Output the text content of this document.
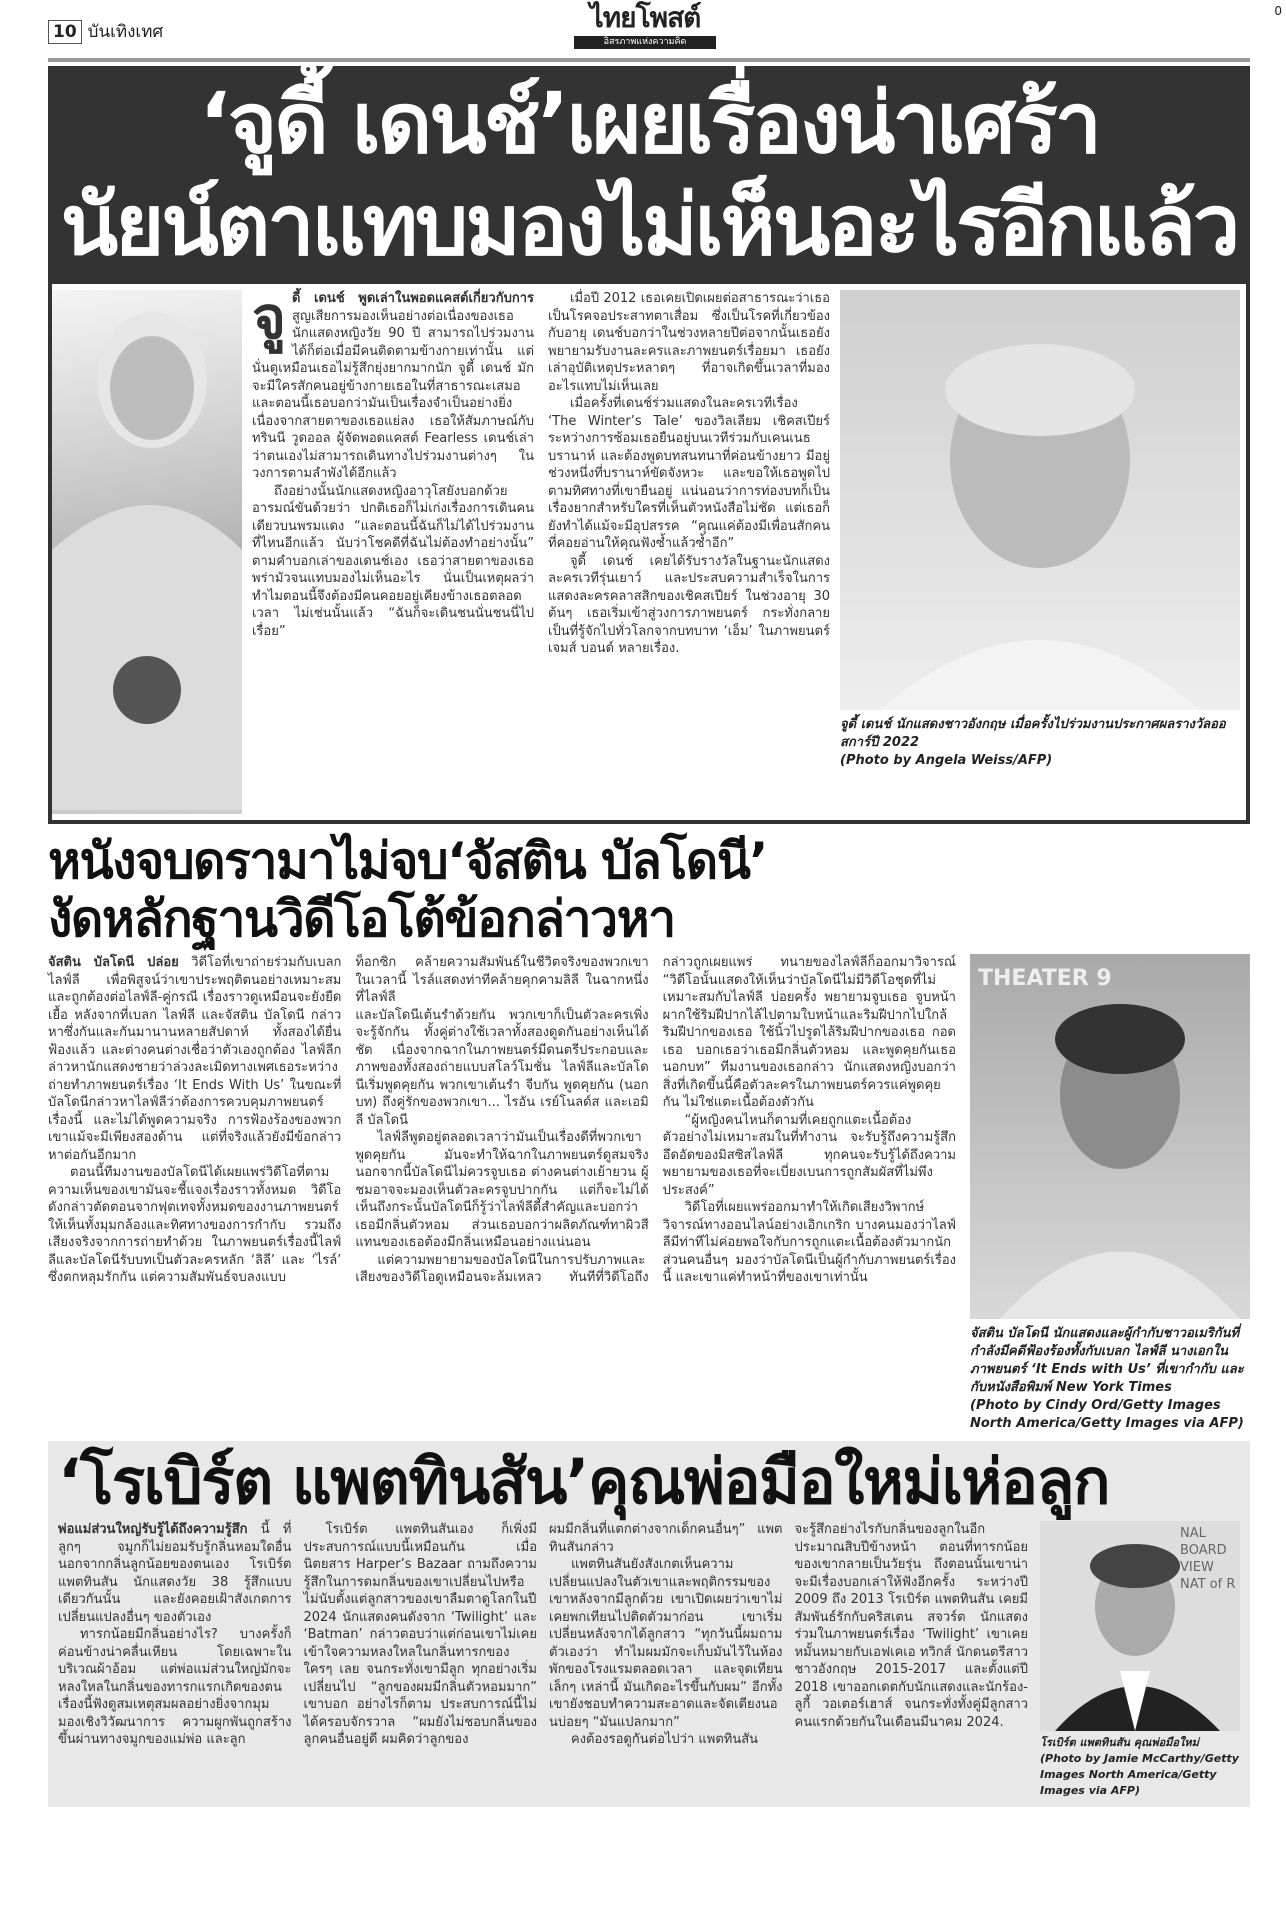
0
10 บันเทิงเทศ	ไทยโพสต์
อิสรภาพแห่งความคิด
‘จูดี้ เดนช์’เผยเรื่องน่าเศร้า
นัยน์ตาแทบมองไม่เห็นอะไรอีกแล้ว
จู ดี้ เดนช์ พูดเล่าในพอดแคสต์เกี่ยวกับการ สูญเสียการมองเห็นอย่างต่อเนื่องของเธอ นักแสดงหญิงวัย 90 ปี สามารถไปร่วมงานได้ก็ต่อเมื่อมีคนติดตามข้างกายเท่านั้น แต่นั่นดูเหมือนเธอไม่รู้สึกยุ่งยากมากนัก จูดี้ เดนช์ มักจะมีใครสักคนอยู่ข้างกายเธอในที่สาธารณะเสมอ และตอนนี้เธอบอกว่ามันเป็นเรื่องจำเป็นอย่างยิ่ง เนื่องจากสายตาของเธอแย่ลง เธอให้สัมภาษณ์กับทรินนี วูดออล ผู้จัดพอดแคสต์ Fearless เดนช์เล่าว่าตนเองไม่สามารถเดินทางไปร่วมงานต่างๆ ในวงการตามลำพังได้อีกแล้ว

ถึงอย่างนั้นนักแสดงหญิงอาวุโสยังบอกด้วยอารมณ์ขันด้วยว่า ปกติเธอก็ไม่เก่งเรื่องการเดินคนเดียวบนพรมแดง “และตอนนี้ฉันก็ไม่ได้ไปร่วมงานที่ไหนอีกแล้ว นับว่าโชคดีที่ฉันไม่ต้องทำอย่างนั้น” ตามคำบอกเล่าของเดนช์เอง เธอว่าสายตาของเธอพร่ามัวจนแทบมองไม่เห็นอะไร นั่นเป็นเหตุผลว่าทำไมตอนนี้จึงต้องมีคนคอยอยู่เคียงข้างเธอตลอดเวลา ไม่เช่นนั้นแล้ว “ฉันก็จะเดินชนนั่นชนนี่ไปเรื่อย”

เมื่อปี 2012 เธอเคยเปิดเผยต่อสาธารณะว่าเธอเป็นโรคจอประสาทตาเสื่อม ซึ่งเป็นโรคที่เกี่ยวข้องกับอายุ เดนช์บอกว่าในช่วงหลายปีต่อจากนั้นเธอยังพยายามรับงานละครและภาพยนตร์เรื่อยมา เธอยังเล่าอุบัติเหตุประหลาดๆ ที่อาจเกิดขึ้นเวลาที่มองอะไรแทบไม่เห็นเลย

เมื่อครั้งที่เดนช์ร่วมแสดงในละครเวทีเรื่อง ‘The Winter’s Tale’ ของวิลเลียม เชิคสเปียร์ ระหว่างการซ้อมเธอยืนอยู่บนเวทีร่วมกับเคนเนธ บรานาห์ และต้องพูดบทสนทนาที่ค่อนข้างยาว มีอยู่ช่วงหนึ่งที่บรานาห์ขัดจังหวะ และขอให้เธอพูดไปตามทิศทางที่เขายืนอยู่ แน่นอนว่าการท่องบทก็เป็นเรื่องยากสำหรับใครที่เห็นตัวหนังสือไม่ชัด แต่เธอก็ยังทำได้แม้จะมีอุปสรรค “คุณแค่ต้องมีเพื่อนสักคนที่คอยอ่านให้คุณฟังซ้ำแล้วซ้ำอีก”

จูดี้ เดนช์ เคยได้รับรางวัลในฐานะนักแสดงละครเวทีรุ่นเยาว์ และประสบความสำเร็จในการแสดงละครคลาสสิกของเชิคสเปียร์ ในช่วงอายุ 30 ต้นๆ เธอเริ่มเข้าสู่วงการภาพยนตร์ กระทั่งกลายเป็นที่รู้จักไปทั่วโลกจากบทบาท ‘เอ็ม’ ในภาพยนตร์เจมส์ บอนด์ หลายเรื่อง.

จูดี้ เดนช์ นักแสดงชาวอังกฤษ เมื่อครั้งไปร่วมงานประกาศผลรางวัลออสการ์ปี 2022
(Photo by Angela Weiss/AFP)
หนังจบดรามาไม่จบ‘จัสติน บัลโดนี’
งัดหลักฐานวิดีโอโต้ข้อกล่าวหา
จัสติน บัลโดนี ปล่อย วิดีโอที่เขาถ่ายร่วมกับเบลก ไลฟ์ลี เพื่อพิสูจน์ว่าเขาประพฤติตนอย่างเหมาะสมและถูกต้องต่อไลฟ์ลี-คู่กรณี เรื่องราวดูเหมือนจะยังยืดเยื้อ หลังจากที่เบลก ไลฟ์ลี และจัสติน บัลโดนี กล่าวหาซึ่งกันและกันมานานหลายสัปดาห์ ทั้งสองได้ยื่นฟ้องแล้ว และต่างคนต่างเชื่อว่าตัวเองถูกต้อง ไลฟ์ลีกล่าวหานักแสดงชายว่าล่วงละเมิดทางเพศเธอระหว่างถ่ายทำภาพยนตร์เรื่อง ‘It Ends With Us’ ในขณะที่บัลโดนีกล่าวหาไลฟ์ลีว่าต้องการควบคุมภาพยนตร์เรื่องนี้ และไม่ได้พูดความจริง การฟ้องร้องของพวกเขาแม้จะมีเพียงสองด้าน แต่ที่จริงแล้วยังมีข้อกล่าวหาต่อกันอีกมาก

ตอนนี้ทีมงานของบัลโดนีได้เผยแพร่วิดีโอที่ตามความเห็นของเขามันจะชี้แจงเรื่องราวทั้งหมด วิดีโอดังกล่าวตัดตอนจากฟุตเทจทั้งหมดของงานภาพยนตร์ ให้เห็นทั้งมุมกล้องและทิศทางของการกำกับ รวมถึงเสียงจริงจากการถ่ายทำด้วย ในภาพยนตร์เรื่องนี้ไลฟ์ลีและบัลโดนีรับบทเป็นตัวละครหลัก ‘ลิลี’ และ ‘ไรล์’ ซึ่งตกหลุมรักกัน แต่ความสัมพันธ์จบลงแบบ

ท็อกซิก คล้ายความสัมพันธ์ในชีวิตจริงของพวกเขาในเวลานี้ ไรล์แสดงท่าทีคล้ายคุกคามลิลี ในฉากหนึ่งที่ไลฟ์ลี

และบัลโดนีเต้นรำด้วยกัน พวกเขาก็เป็นตัวละครเพิ่งจะรู้จักกัน ทั้งคู่ต่างใช้เวลาทั้งสองดูดกันอย่างเห็นได้ชัด เนื่องจากฉากในภาพยนตร์มีดนตรีประกอบและภาพของทั้งสองถ่ายแบบสโลว์โมชั่น ไลฟ์ลีและบัลโดนีเริ่มพูดคุยกัน พวกเขาเต้นรำ จีบกัน พูดคุยกัน (นอกบท) ถึงคู่รักของพวกเขา... ไรอัน เรย์โนลด์ส และเอมิลี บัลโดนี

ไลฟ์ลีพูดอยู่ตลอดเวลาว่ามันเป็นเรื่องดีที่พวกเขาพูดคุยกัน มันจะทำให้ฉากในภาพยนตร์ดูสมจริง นอกจากนี้บัลโดนีไม่ควรจูบเธอ ต่างคนต่างเย้ายวน ผู้ชมอาจจะมองเห็นตัวละครจูบปากกัน แต่ก็จะไม่ได้เห็นถึงกระนั้นบัลโดนีก็รู้ว่าไลฟ์ลีดี้สำคัญและบอกว่าเธอมีกลิ่นตัวหอม ส่วนเธอบอกว่าผลิตภัณฑ์ทาผิวสีแทนของเธอต้องมีกลิ่นเหมือนอย่างแน่นอน

แต่ความพยายามของบัลโดนีในการปรับภาพและเสียงของวิดีโอดูเหมือนจะล้มเหลว ทันทีที่วิดีโอถึงกล่าวถูกเผยแพร่ ทนายของไลฟ์ลีก็ออกมาวิจารณ์ “วิดีโอนั้นแสดงให้เห็นว่าบัลโดนีไม่มีวิดีโอชุดที่ไม่เหมาะสมกับไลฟ์ลี บ่อยครั้ง พยายามจูบเธอ จูบหน้าผากใช้ริมฝีปากไล้ไปตามใบหน้าและริมฝีปากไปใกล้ริมฝีปากของเธอ ใช้นิ้วไปรูดไล้ริมฝีปากของเธอ กอดเธอ บอกเธอว่าเธอมีกลิ่นตัวหอม และพูดคุยกันเธอนอกบท” ทีมงานของเธอกล่าว นักแสดงหญิงบอกว่าสิ่งที่เกิดขึ้นนี้คือตัวละครในภาพยนตร์ควรแค่พูดคุยกัน ไม่ใช่แตะเนื้อต้องตัวกัน

“ผู้หญิงคนไหนก็ตามที่เคยถูกแตะเนื้อต้องตัวอย่างไม่เหมาะสมในที่ทำงาน จะรับรู้ถึงความรู้สึกอึดอัดของมิสซิสไลฟ์ลี ทุกคนจะรับรู้ได้ถึงความพยายามของเธอที่จะเบี่ยงเบนการถูกสัมผัสที่ไม่พึงประสงค์”

วิดีโอที่เผยแพร่ออกมาทำให้เกิดเสียงวิพากษ์วิจารณ์ทางออนไลน์อย่างเอิกเกริก บางคนมองว่าไลฟ์ลีมีท่าทีไม่ค่อยพอใจกับการถูกแตะเนื้อต้องตัวมากนัก ส่วนคนอื่นๆ มองว่าบัลโดนีเป็นผู้กำกับภาพยนตร์เรื่องนี้ และเขาแค่ทำหน้าที่ของเขาเท่านั้น

THEATER 9
จัสติน บัลโดนี นักแสดงและผู้กำกับชาวอเมริกันที่กำลังมีคดีฟ้องร้องทั้งกับเบลก ไลฟ์ลี นางเอกในภาพยนตร์ ‘It Ends with Us’ ที่เขากำกับ และกับหนังสือพิมพ์ New York Times
(Photo by Cindy Ord/Getty Images North America/Getty Images via AFP)
‘โรเบิร์ต แพตทินสัน’คุณพ่อมือใหม่เห่อลูก
พ่อแม่ส่วนใหญ่รับรู้ได้ถึงความรู้สึก นี้ ที่ลูกๆ จมูกก็ไม่ยอมรับรู้กลิ่นหอมใดอื่นนอกจากกลิ่นลูกน้อยของตนเอง โรเบิร์ต แพตทินสัน นักแสดงวัย 38 รู้สึกแบบเดียวกันนั้น และยังคอยเฝ้าสังเกตการเปลี่ยนแปลงอื่นๆ ของตัวเอง

ทารกน้อยมีกลิ่นอย่างไร? บางครั้งก็ค่อนข้างน่าคลื่นเหียน โดยเฉพาะในบริเวณผ้าอ้อม แต่พ่อแม่ส่วนใหญ่มักจะหลงใหลในกลิ่นของทารกแรกเกิดของตน เรื่องนี้ฟังดูสมเหตุสมผลอย่างยิ่งจากมุมมองเชิงวิวัฒนาการ ความผูกพันถูกสร้างขึ้นผ่านทางจมูกของแม่พ่อ และลูก

โรเบิร์ต แพตทินสันเอง ก็เพิ่งมีประสบการณ์แบบนี้เหมือนกัน เมื่อนิตยสาร Harper’s Bazaar ถามถึงความรู้สึกในการดมกลิ่นของเขาเปลี่ยนไปหรือไม่นับตั้งแต่ลูกสาวของเขาลืมตาดูโลกในปี 2024 นักแสดงคนดังจาก ‘Twilight’ และ ‘Batman’ กล่าวตอบว่าแต่ก่อนเขาไม่เคยเข้าใจความหลงใหลในกลิ่นทารกของใครๆ เลย จนกระทั่งเขามีลูก ทุกอย่างเริ่มเปลี่ยนไป “ลูกของผมมีกลิ่นตัวหอมมาก” เขาบอก อย่างไรก็ตาม ประสบการณ์นี้ไม่ได้ครอบจักรวาล “ผมยังไม่ชอบกลิ่นของลูกคนอื่นอยู่ดี ผมคิดว่าลูกของ

ผมมีกลิ่นที่แตกต่างจากเด็กคนอื่นๆ” แพตทินสันกล่าว

แพตทินสันยังสังเกตเห็นความเปลี่ยนแปลงในตัวเขาและพฤติกรรมของเขาหลังจากมีลูกด้วย เขาเปิดเผยว่าเขาไม่เคยพกเทียนไปติดตัวมาก่อน เขาเริ่มเปลี่ยนหลังจากได้ลูกสาว “ทุกวันนี้ผมถามตัวเองว่า ทำไมผมมักจะเก็บมันไว้ในห้องพักของโรงแรมตลอดเวลา และจุดเทียนเล็กๆ เหล่านี้ มันเกิดอะไรขึ้นกับผม” อีกทั้งเขายังชอบทำความสะอาดและจัดเตียงนอนบ่อยๆ “มันแปลกมาก”

คงต้องรอดูกันต่อไปว่า แพตทินสัน

จะรู้สึกอย่างไรกับกลิ่นของลูกในอีกประมาณสิบปีข้างหน้า ตอนที่ทารกน้อยของเขากลายเป็นวัยรุ่น ถึงตอนนั้นเขาน่าจะมีเรื่องบอกเล่าให้ฟังอีกครั้ง ระหว่างปี 2009 ถึง 2013 โรเบิร์ต แพตทินสัน เคยมีสัมพันธ์รักกับคริสเตน สจวร์ต นักแสดงร่วมในภาพยนตร์เรื่อง ‘Twilight’ เขาเคยหมั้นหมายกับเอฟเคเอ ทวิกส์ นักดนตรีสาวชาวอังกฤษ 2015-2017 และตั้งแต่ปี 2018 เขาออกเดตกับนักแสดงและนักร้อง-ลูกี้ วอเตอร์เฮาส์ จนกระทั่งทั้งคู่มีลูกสาวคนแรกด้วยกันในเดือนมีนาคม 2024.

NAL BOARD VIEW NAT of R
โรเบิร์ต แพตทินสัน คุณพ่อมือใหม่ (Photo by Jamie McCarthy/Getty Images North America/Getty Images via AFP)
